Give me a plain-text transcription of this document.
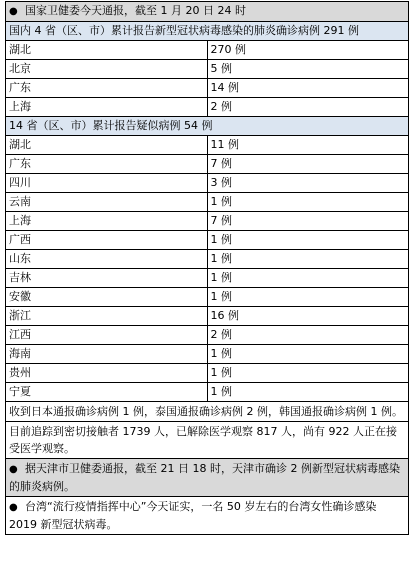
● 国家卫健委今天通报，截至 1 月 20 日 24 时	
国内 4 省（区、市）累计报告新型冠状病毒感染的肺炎确诊病例 291 例	
湖北	270 例
北京	5 例
广东	14 例
上海	2 例
14 省（区、市）累计报告疑似病例 54 例	
湖北	11 例
广东	7 例
四川	3 例
云南	1 例
上海	7 例
广西	1 例
山东	1 例
吉林	1 例
安徽	1 例
浙江	16 例
江西	2 例
海南	1 例
贵州	1 例
宁夏	1 例
收到日本通报确诊病例 1 例，泰国通报确诊病例 2 例，韩国通报确诊病例 1 例。	
目前追踪到密切接触者 1739 人，已解除医学观察 817 人，尚有 922 人正在接受医学观察。	
● 据天津市卫健委通报，截至 21 日 18 时，天津市确诊 2 例新型冠状病毒感染的肺炎病例。	
● 台湾“流行疫情指挥中心”今天证实，一名 50 岁左右的台湾女性确诊感染 2019 新型冠状病毒。	
